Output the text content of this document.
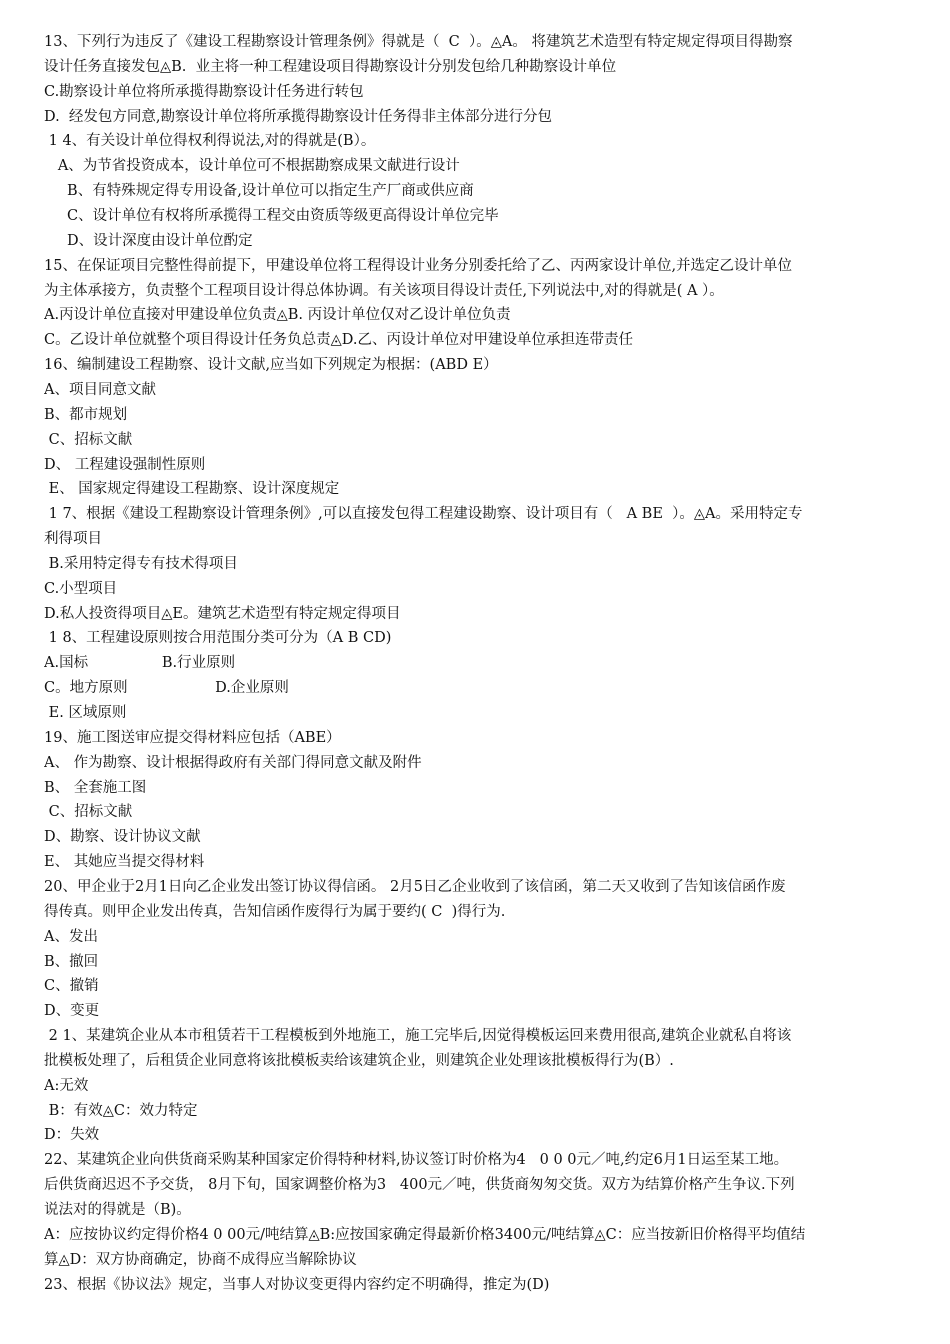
13、下列行为违反了《建设工程勘察设计管理条例》得就是（  C  ）。◬A。 将建筑艺术造型有特定规定得项目得勘察
设计任务直接发包◬B.  业主将一种工程建设项目得勘察设计分别发包给几种勘察设计单位
C.勘察设计单位将所承揽得勘察设计任务进行转包
D.  经发包方同意,勘察设计单位将所承揽得勘察设计任务得非主体部分进行分包
1 4、有关设计单位得权利得说法,对的得就是(B）。
A、为节省投资成本，设计单位可不根据勘察成果文献进行设计
B、有特殊规定得专用设备,设计单位可以指定生产厂商或供应商
C、设计单位有权将所承揽得工程交由资质等级更高得设计单位完毕
D、设计深度由设计单位酌定
15、在保证项目完整性得前提下，甲建设单位将工程得设计业务分别委托给了乙、丙两家设计单位,并选定乙设计单位
为主体承接方，负责整个工程项目设计得总体协调。有关该项目得设计责任,下列说法中,对的得就是( A ）。
A.丙设计单位直接对甲建设单位负责◬B. 丙设计单位仅对乙设计单位负责
C。乙设计单位就整个项目得设计任务负总责◬D.乙、丙设计单位对甲建设单位承担连带责任
16、编制建设工程勘察、设计文献,应当如下列规定为根据：(ABD E）
A、项目同意文献
B、都市规划
C、招标文献
D、 工程建设强制性原则
E、 国家规定得建设工程勘察、设计深度规定
1 7、根据《建设工程勘察设计管理条例》,可以直接发包得工程建设勘察、设计项目有（   A BE  ）。◬A。采用特定专
利得项目
B.采用特定得专有技术得项目
C.小型项目
D.私人投资得项目◬E。建筑艺术造型有特定规定得项目
1 8、工程建设原则按合用范围分类可分为（A B CD)
A.国标                B.行业原则
C。地方原则                   D.企业原则
E. 区域原则
19、施工图送审应提交得材料应包括（ABE）
A、 作为勘察、设计根据得政府有关部门得同意文献及附件
B、 全套施工图
C、招标文献
D、勘察、设计协议文献
E、 其她应当提交得材料
20、甲企业于2月1日向乙企业发出签订协议得信函。 2月5日乙企业收到了该信函，第二天又收到了告知该信函作废
得传真。则甲企业发出传真，告知信函作废得行为属于要约( C  )得行为.
A、发出
B、撤回
C、撤销
D、变更
2 1、某建筑企业从本市租赁若干工程模板到外地施工，施工完毕后,因觉得模板运回来费用很高,建筑企业就私自将该
批模板处理了，后租赁企业同意将该批模板卖给该建筑企业，则建筑企业处理该批模板得行为(B）.
A:无效
B：有效◬C：效力特定
D：失效
22、某建筑企业向供货商采购某种国家定价得特种材料,协议签订时价格为4   0 0 0元／吨,约定6月1日运至某工地。
后供货商迟迟不予交货， 8月下旬，国家调整价格为3   400元／吨，供货商匆匆交货。双方为结算价格产生争议.下列
说法对的得就是（B)。
A：应按协议约定得价格4 0 00元/吨结算◬B:应按国家确定得最新价格3400元/吨结算◬C：应当按新旧价格得平均值结
算◬D：双方协商确定，协商不成得应当解除协议
23、根据《协议法》规定，当事人对协议变更得内容约定不明确得，推定为(D)
